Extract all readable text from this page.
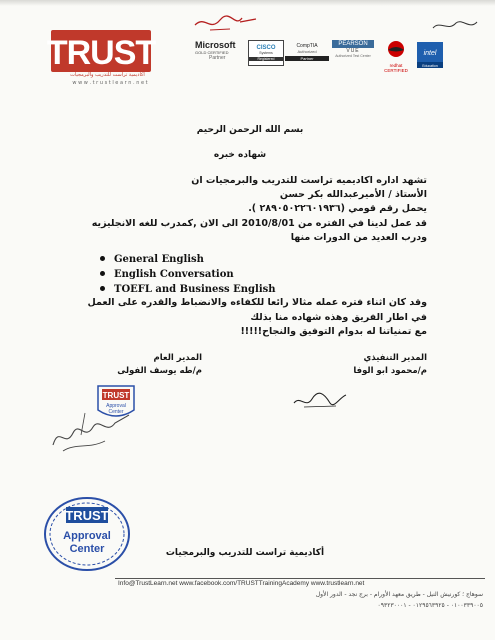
TRUST
أكاديمية تراست للتدريب والبرمجيات
w w w . t r u s t l e a r n . n e t
Microsoft
GOLD CERTIFIED
Partner
CISCO
Systems
Registered
CompTIA
Authorized
Partner
PEARSON
VUE
Authorized Test Center
redhat
CERTIFIED
intel
Education
بسم الله الرحمن الرحيم
شهاده خبره
تشهد اداره اكاديميه تراست للتدريب والبرمجيات ان
الأستاذ / الأميرعبدالله بكر حسن
يحمل رقم قومي (٢٨٩٠٥٠٢٢٦٠١٩٣٦ ).
قد عمل لدينا في الفتره من 2010/8/01 الى الان ,كمدرب للغه الانجليزيه
ودرب العديد من الدورات منها
General English
English Conversation
TOEFL and Business English
وقد كان اثناء فتره عمله مثالا رائعا للكفاءه والانضباط والقدره على العمل
في اطار الفريق وهذه شهاده منا بذلك
مع تمنياتنا له بدوام التوفيق والنجاح!!!!!
المدير التنفيذي
م/محمود ابو الوفا
المدير العام
م/طه يوسف الفولى
TRUST
Approval
Center
TRUST
Approval
Center	أكاديمية تراست للتدريب والبرمجيات
Info@TrustLearn.net www.facebook.com/TRUSTTrainingAcademy www.trustlearn.net
سوهاج ؛ كورنيش النيل - طريق معهد الأورام - برج نجد - الدور الأول
٠١٠٠٣٣٩٠٠٥ - ٠١٢٩٥٦٣٩٢٥ - ٠٩٣٢٣٠٠٠١
